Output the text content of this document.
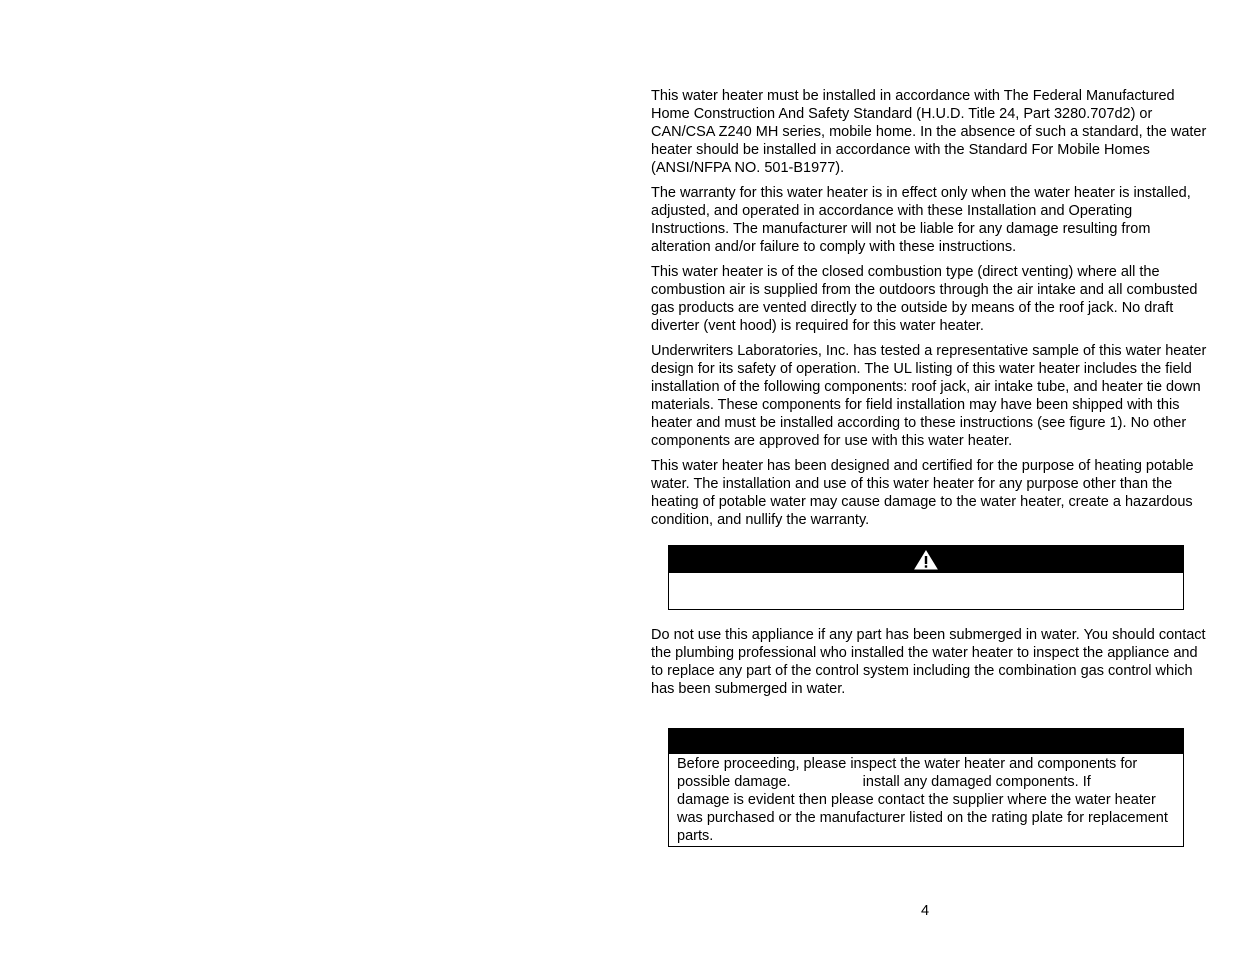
This water heater must be installed in accordance with The Federal Manufactured Home Construction And Safety Standard (H.U.D. Title 24, Part 3280.707d2) or CAN/CSA Z240 MH series, mobile home. In the absence of such a standard, the water heater should be installed in accordance with the Standard For Mobile Homes (ANSI/NFPA NO. 501-B1977).

The warranty for this water heater is in effect only when the water heater is installed, adjusted, and operated in accordance with these Installation and Operating Instructions. The manufacturer will not be liable for any damage resulting from alteration and/or failure to comply with these instructions.

This water heater is of the closed combustion type (direct venting) where all the combustion air is supplied from the outdoors through the air intake and all combusted gas products are vented directly to the outside by means of the roof jack. No draft diverter (vent hood) is required for this water heater.

Underwriters Laboratories, Inc. has tested a representative sample of this water heater design for its safety of operation. The UL listing of this water heater includes the field installation of the following components: roof jack, air intake tube, and heater tie down materials. These components for field installation may have been shipped with this heater and must be installed according to these instructions (see figure 1). No other components are approved for use with this water heater.

This water heater has been designed and certified for the purpose of heating potable water. The installation and use of this water heater for any purpose other than the heating of potable water may cause damage to the water heater, create a hazardous condition, and nullify the warranty.

Do not use this appliance if any part has been submerged in water. You should contact the plumbing professional who installed the water heater to inspect the appliance and to replace any part of the control system including the combination gas control which has been submerged in water.

Before proceeding, please inspect the water heater and components for
possible damage.	install any damaged components. If
damage is evident then please contact the supplier where the water heater was purchased or the manufacturer listed on the rating plate for replacement parts.
4
